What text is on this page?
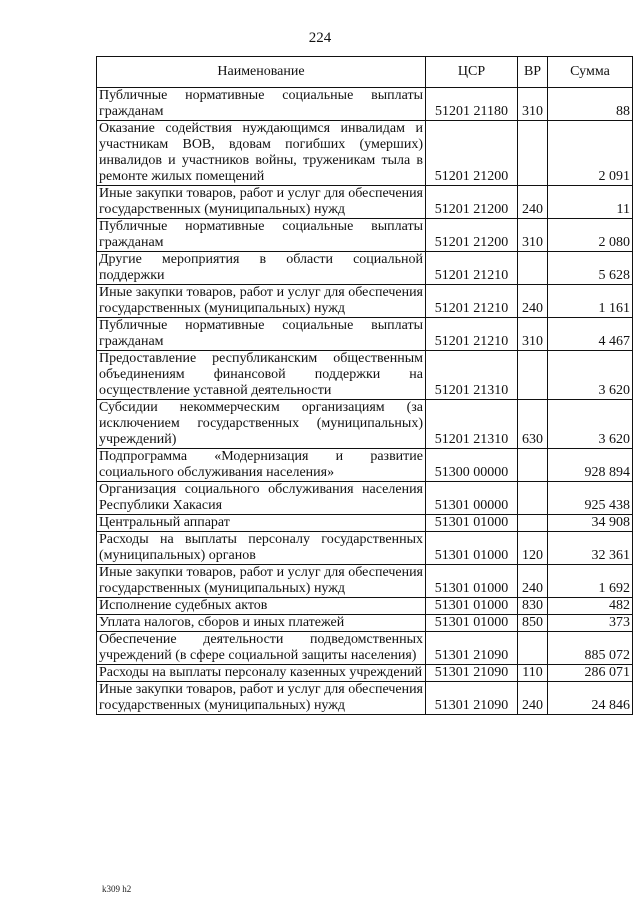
224
Наименование	ЦСР	ВР	Сумма
Публичные нормативные социальные выплаты гражданам	51201 21180	310	88
Оказание содействия нуждающимся инвалидам и участникам ВОВ, вдовам погибших (умерших) инвалидов и участников войны, труженикам тыла в ремонте жилых помещений	51201 21200		2 091
Иные закупки товаров, работ и услуг для обеспечения государственных (муниципальных) нужд	51201 21200	240	11
Публичные нормативные социальные выплаты гражданам	51201 21200	310	2 080
Другие мероприятия в области социальной поддержки	51201 21210		5 628
Иные закупки товаров, работ и услуг для обеспечения государственных (муниципальных) нужд	51201 21210	240	1 161
Публичные нормативные социальные выплаты гражданам	51201 21210	310	4 467
Предоставление республиканским общественным объединениям финансовой поддержки на осуществление уставной деятельности	51201 21310		3 620
Субсидии некоммерческим организациям (за исключением государственных (муниципальных) учреждений)	51201 21310	630	3 620
Подпрограмма «Модернизация и развитие социального обслуживания населения»	51300 00000		928 894
Организация социального обслуживания населения Республики Хакасия	51301 00000		925 438
Центральный аппарат	51301 01000		34 908
Расходы на выплаты персоналу государственных (муниципальных) органов	51301 01000	120	32 361
Иные закупки товаров, работ и услуг для обеспечения государственных (муниципальных) нужд	51301 01000	240	1 692
Исполнение судебных актов	51301 01000	830	482
Уплата налогов, сборов и иных платежей	51301 01000	850	373
Обеспечение деятельности подведомственных учреждений (в сфере социальной защиты населения)	51301 21090		885 072
Расходы на выплаты персоналу казенных учреждений	51301 21090	110	286 071
Иные закупки товаров, работ и услуг для обеспечения государственных (муниципальных) нужд	51301 21090	240	24 846
k309 h2
